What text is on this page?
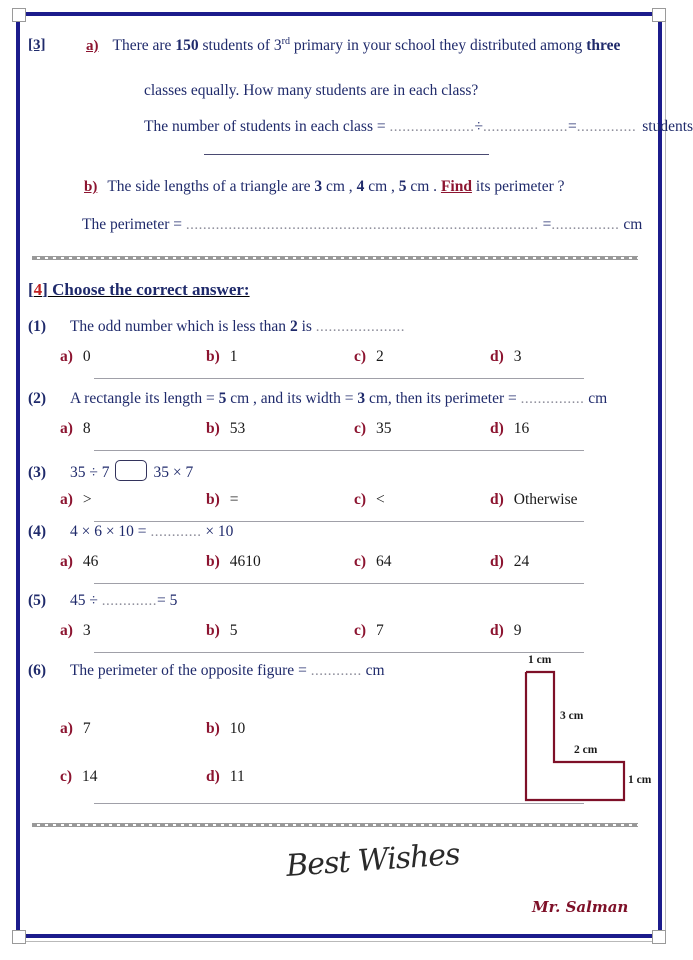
[3]	a) There are 150 students of 3rd primary in your school they distributed among three
classes equally. How many students are in each class?
The number of students in each class = ....................÷....................=.............. students
b) The side lengths of a triangle are 3 cm , 4 cm , 5 cm . Find its perimeter ?
The perimeter = ................................................................................... =................ cm
[4] Choose the correct answer:
(1) The odd number which is less than 2 is .....................
a) 0	b) 1	c) 2	d) 3
(2) A rectangle its length = 5 cm , and its width = 3 cm, then its perimeter = ............... cm
a) 8	b) 53	c) 35	d) 16
(3) 35 ÷ 7	35 × 7
a) >	b) =	c) <	d) Otherwise
(4) 4 × 6 × 10 = ............ × 10
a) 46	b) 4610	c) 64	d) 24
(5) 45 ÷ .............= 5
a) 3	b) 5	c) 7	d) 9
(6) The perimeter of the opposite figure = ............ cm
a) 7	b) 10
c) 14	d) 11
1 cm
3 cm
2 cm
1 cm
Best Wishes
Mr. Salman
